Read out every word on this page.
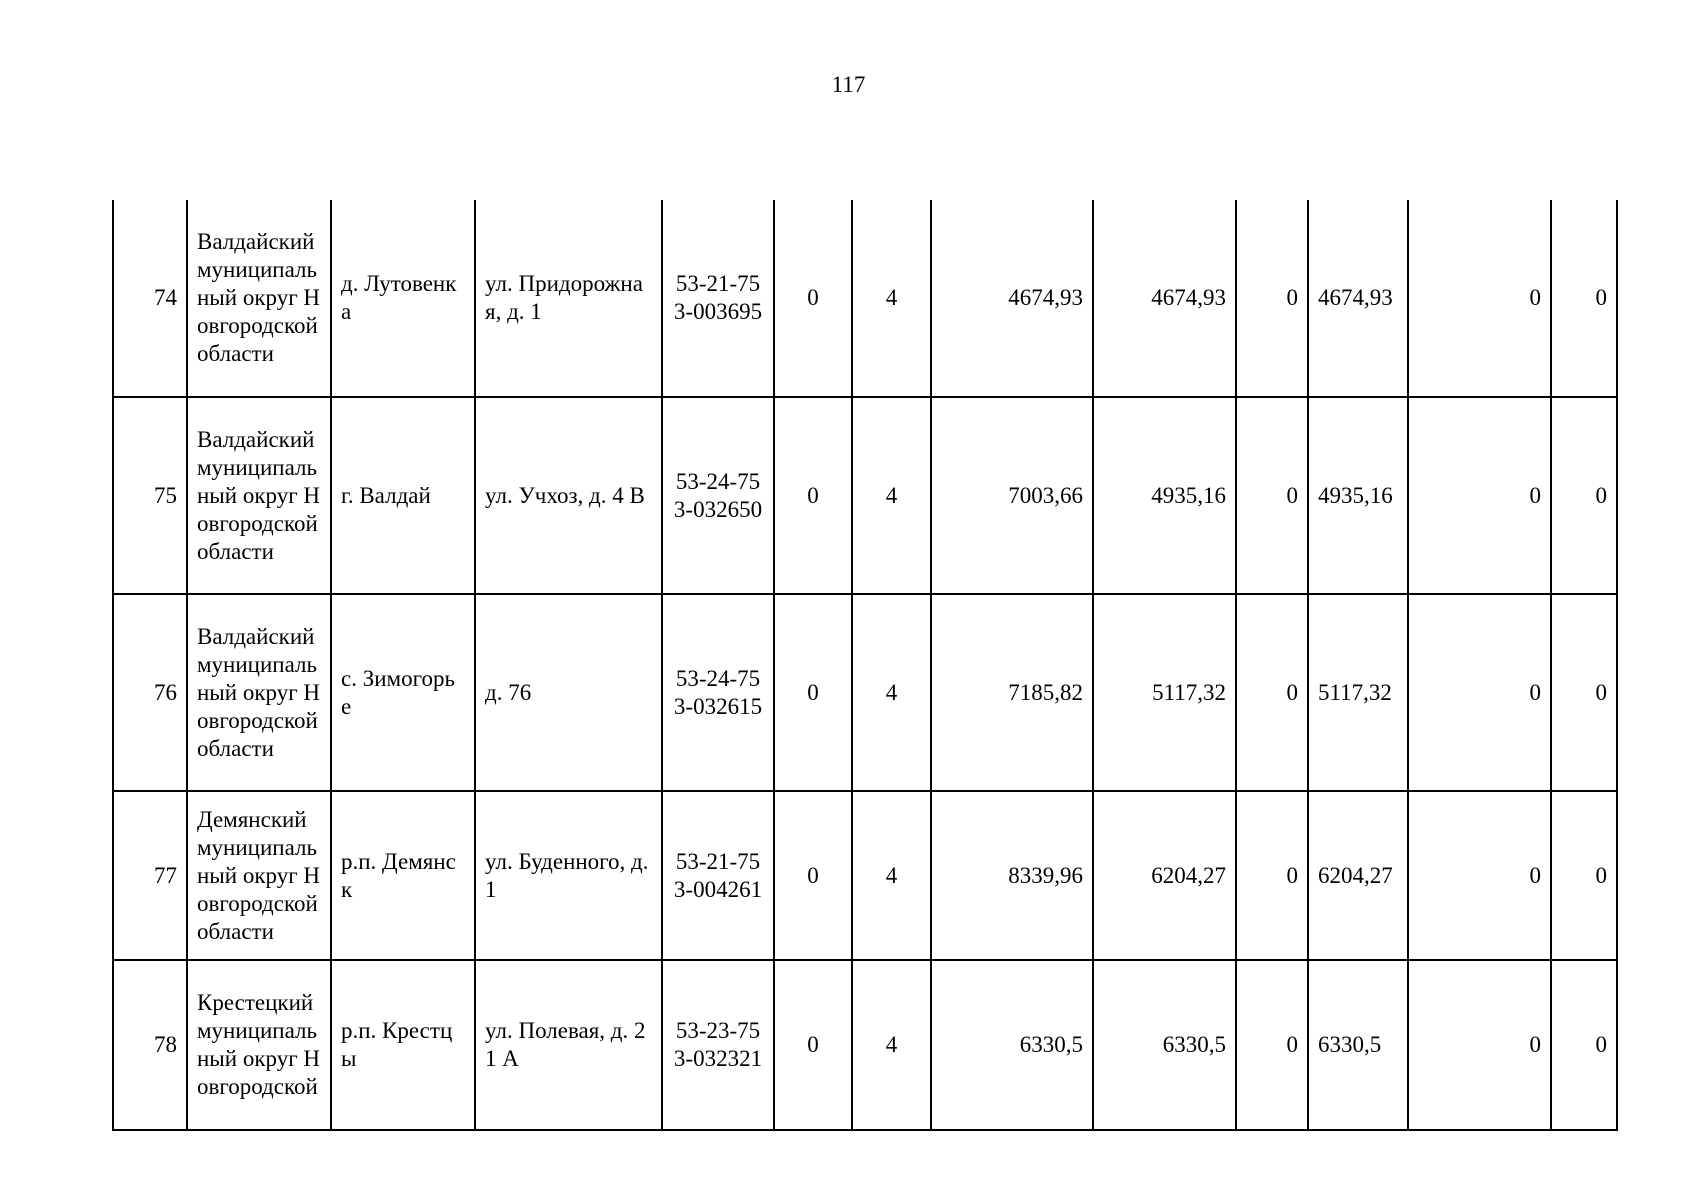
117
74	Валдайский муниципальный округ Новгородской области	д. Лутовенка	ул. Придорожная, д. 1	53-21-753-003695	0	4	4674,93	4674,93	0	4674,93	0	0
75	Валдайский муниципальный округ Новгородской области	г. Валдай	ул. Учхоз, д. 4 В	53-24-753-032650	0	4	7003,66	4935,16	0	4935,16	0	0
76	Валдайский муниципальный округ Новгородской области	с. Зимогорье	д. 76	53-24-753-032615	0	4	7185,82	5117,32	0	5117,32	0	0
77	Демянский муниципальный округ Новгородской области	р.п. Демянск	ул. Буденного, д. 1	53-21-753-004261	0	4	8339,96	6204,27	0	6204,27	0	0
78	Крестецкий муниципальный округ Новгородской	р.п. Крестцы	ул. Полевая, д. 21 А	53-23-753-032321	0	4	6330,5	6330,5	0	6330,5	0	0
